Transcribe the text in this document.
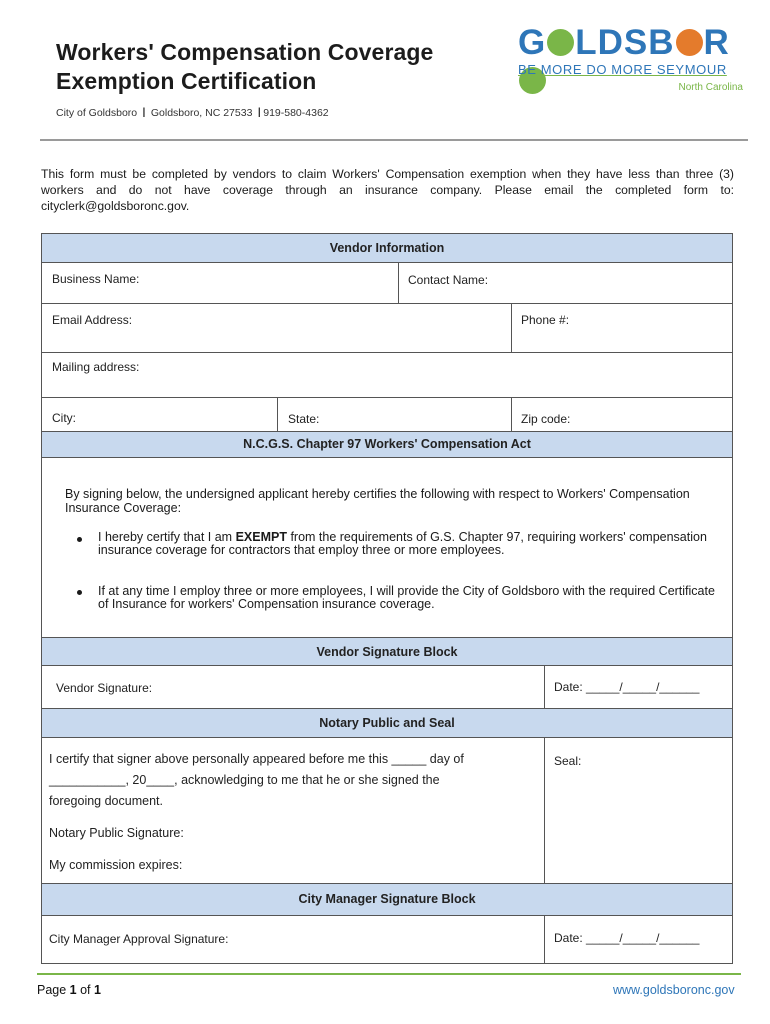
Workers' Compensation Coverage
Exemption Certification
City of Goldsboro I Goldsboro, NC 27533 I 919-580-4362
G LDSB R
BE MORE DO MORE SEYMOUR
North Carolina
This form must be completed by vendors to claim Workers' Compensation exemption when they have less than three (3) workers and do not have coverage through an insurance company. Please email the completed form to: cityclerk@goldsboronc.gov.
Vendor Information
Business Name:	Contact Name:
Email Address:	Phone #:
Mailing address:
City:	State:	Zip code:
N.C.G.S. Chapter 97 Workers' Compensation Act
By signing below, the undersigned applicant hereby certifies the following with respect to Workers' Compensation Insurance Coverage:
I hereby certify that I am EXEMPT from the requirements of G.S. Chapter 97, requiring workers' compensation insurance coverage for contractors that employ three or more employees.
If at any time I employ three or more employees, I will provide the City of Goldsboro with the required Certificate of Insurance for workers' Compensation insurance coverage.
Vendor Signature Block
Vendor Signature:	Date: _____/_____/______
Notary Public and Seal
I certify that signer above personally appeared before me this _____ day of
___________, 20____, acknowledging to me that he or she signed the
foregoing document.
Notary Public Signature:
My commission expires:
Seal:
City Manager Signature Block
City Manager Approval Signature:	Date: _____/_____/______
Page 1 of 1	www.goldsboronc.gov
